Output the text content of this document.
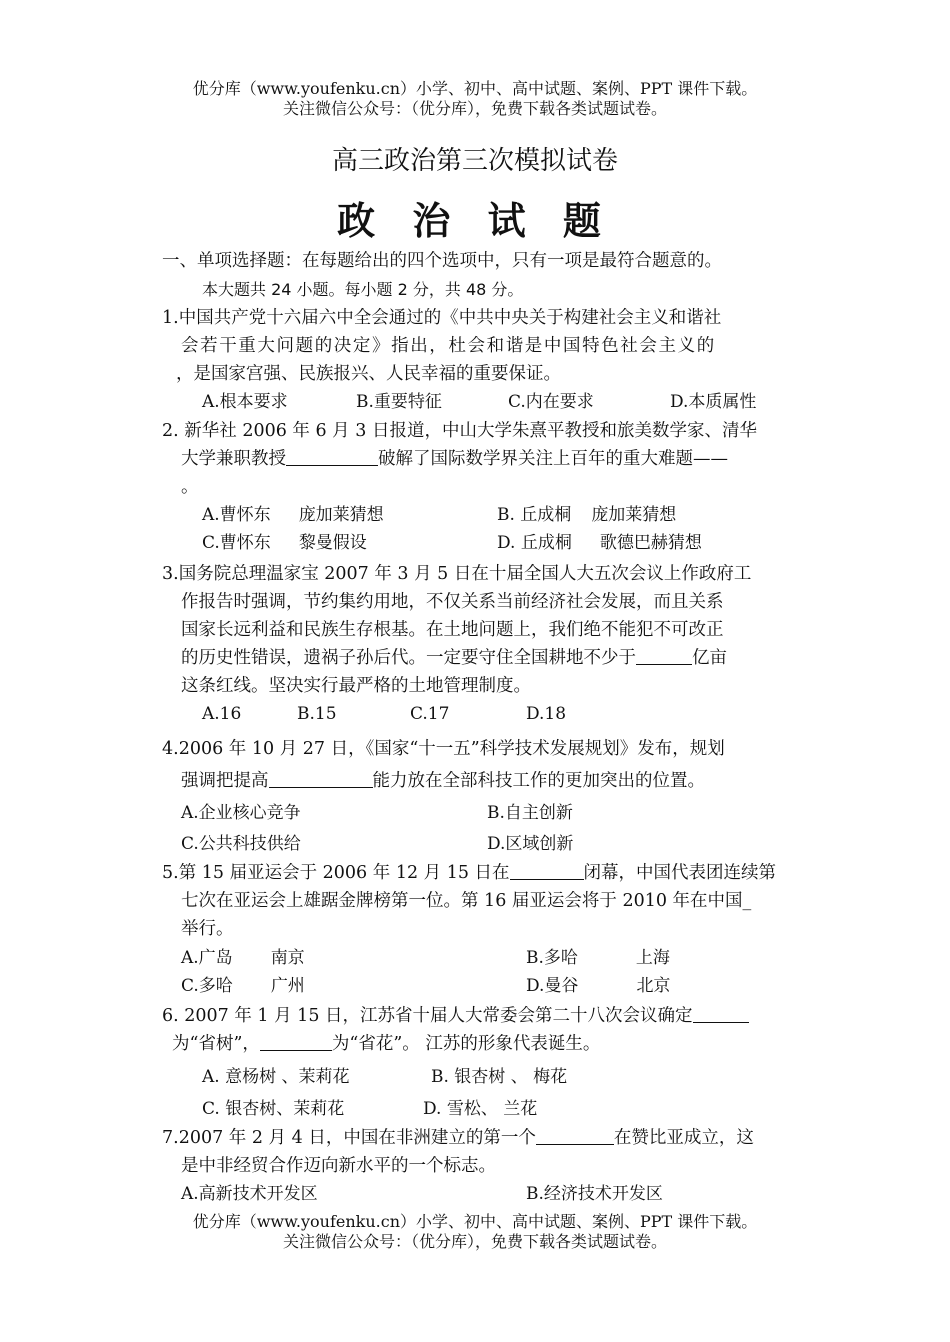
优分库（www.youfenku.cn）小学、初中、高中试题、案例、PPT 课件下载。
关注微信公众号：（优分库），免费下载各类试题试卷。
高三政治第三次模拟试卷
政 治 试 题
一、单项选择题：在每题给出的四个选项中，只有一项是最符合题意的。
本大题共 24 小题。每小题 2 分，共 48 分。
1.中国共产党十六届六中全会通过的《中共中央关于构建社会主义和谐社
会若干重大问题的决定》指出，杜会和谐是中国特色社会主义的
，是国家宫强、民族报兴、人民幸福的重要保证。
A.根本要求	B.重要特征	C.内在要求	D.本质属性
2. 新华社 2006 年 6 月 3 日报道，中山大学朱熹平教授和旅美数学家、清华
大学兼职教授	破解了国际数学界关注上百年的重大难题——
。
A.曹怀东 庞加莱猜想	B. 丘成桐 庞加莱猜想
C.曹怀东 黎曼假设	D. 丘成桐 歌德巴赫猜想
3.国务院总理温家宝 2007 年 3 月 5 日在十届全国人大五次会议上作政府工
作报告时强调，节约集约用地，不仅关系当前经济社会发展，而且关系
国家长远利益和民族生存根基。在土地问题上，我们绝不能犯不可改正
的历史性错误，遗祸子孙后代。一定要守住全国耕地不少于	亿亩
这条红线。坚决实行最严格的土地管理制度。
A.16	B.15	C.17	D.18
4.2006 年 10 月 27 日，《国家“十一五”科学技术发展规划》发布，规划
强调把提高	能力放在全部科技工作的更加突出的位置。
A.企业核心竞争	B.自主创新
C.公共科技供给	D.区域创新
5.第 15 届亚运会于 2006 年 12 月 15 日在	闭幕，中国代表团连续第
七次在亚运会上雄踞金牌榜第一位。第 16 届亚运会将于 2010 年在中国_
举行。
A.广岛 南京	B.多哈	上海
C.多哈 广州	D.曼谷	北京
6. 2007 年 1 月 15 日，江苏省十届人大常委会第二十八次会议确定
为“省树”，	为“省花”。 江苏的形象代表诞生。
A. 意杨树 、茉莉花	B. 银杏树 、 梅花
C. 银杏树、茉莉花	D. 雪松、 兰花
7.2007 年 2 月 4 日，中国在非洲建立的第一个	在赞比亚成立，这
是中非经贸合作迈向新水平的一个标志。
A.高新技术开发区	B.经济技术开发区
优分库（www.youfenku.cn）小学、初中、高中试题、案例、PPT 课件下载。
关注微信公众号：（优分库），免费下载各类试题试卷。
